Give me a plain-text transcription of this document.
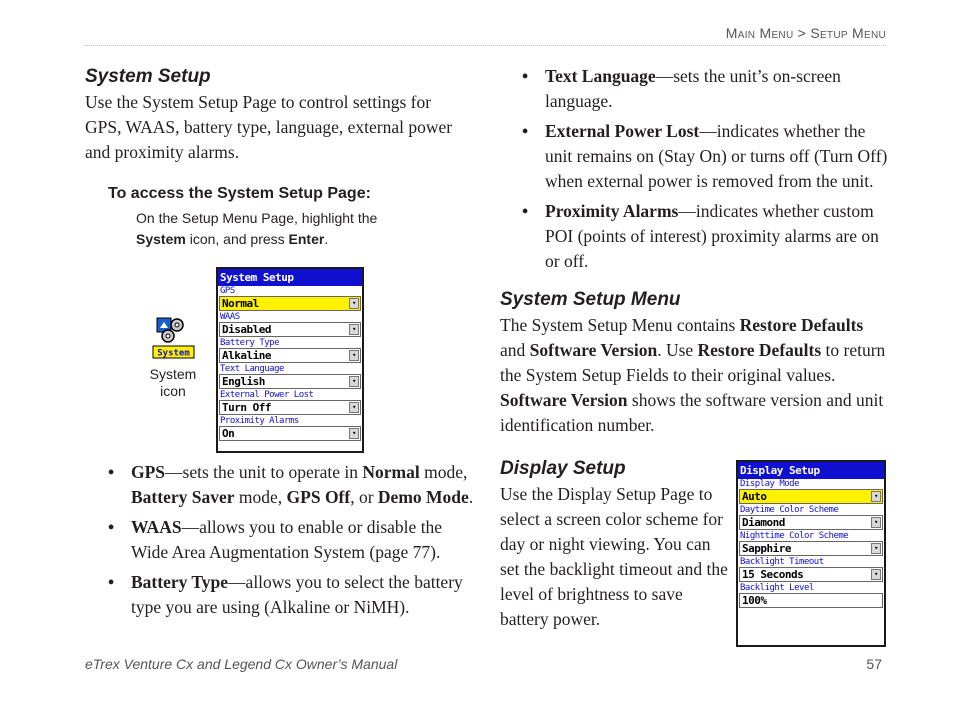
Main Menu > Setup Menu
System Setup

Use the System Setup Page to control settings for GPS, WAAS, battery type, language, external power and proximity alarms.

To access the System Setup Page:

On the Setup Menu Page, highlight the
System icon, and press Enter.

System
System icon
System Setup
GPS
Normal	▾
WAAS
Disabled	▾
Battery Type
Alkaline	▾
Text Language
English	▾
External Power Lost
Turn Off	▾
Proximity Alarms
On	▾
• GPS—sets the unit to operate in Normal mode, Battery Saver mode, GPS Off, or Demo Mode.
• WAAS—allows you to enable or disable the Wide Area Augmentation System (page 77).
• Battery Type—allows you to select the battery type you are using (Alkaline or NiMH).
• Text Language—sets the unit’s on-screen language.
• External Power Lost—indicates whether the unit remains on (Stay On) or turns off (Turn Off) when external power is removed from the unit.
• Proximity Alarms—indicates whether custom POI (points of interest) proximity alarms are on or off.
System Setup Menu

The System Setup Menu contains Restore Defaults and Software Version. Use Restore Defaults to return the System Setup Fields to their original values. Software Version shows the software version and unit identification number.

Display Setup

Use the Display Setup Page to select a screen color scheme for day or night viewing. You can set the backlight timeout and the level of brightness to save battery power.

Display Setup
Display Mode
Auto	▾
Daytime Color Scheme
Diamond	▾
Nighttime Color Scheme
Sapphire	▾
Backlight Timeout
15 Seconds	▾
Backlight Level
100%
eTrex Venture Cx and Legend Cx Owner’s Manual	57
